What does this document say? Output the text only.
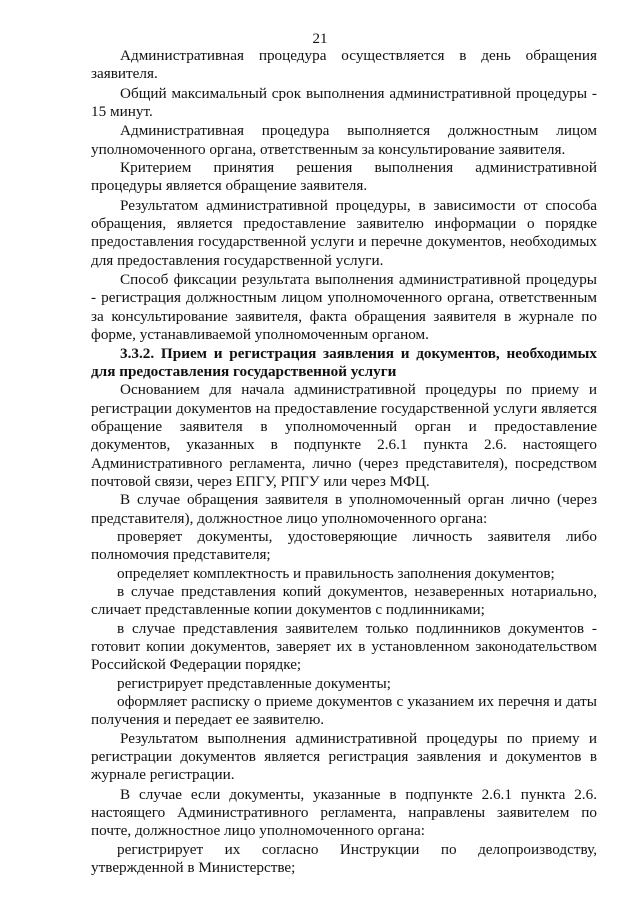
21

Административная процедура осуществляется в день обращения заявителя.

Общий максимальный срок выполнения административной процедуры - 15 минут.

Административная процедура выполняется должностным лицом уполномоченного органа, ответственным за консультирование заявителя.

Критерием принятия решения выполнения административной процедуры является обращение заявителя.

Результатом административной процедуры, в зависимости от способа обращения, является предоставление заявителю информации о порядке предоставления государственной услуги и перечне документов, необходимых для предоставления государственной услуги.

Способ фиксации результата выполнения административной процедуры - регистрация должностным лицом уполномоченного органа, ответственным за консультирование заявителя, факта обращения заявителя в журнале по форме, устанавливаемой уполномоченным органом.

3.3.2. Прием и регистрация заявления и документов, необходимых для предоставления государственной услуги

Основанием для начала административной процедуры по приему и регистрации документов на предоставление государственной услуги является обращение заявителя в уполномоченный орган и предоставление документов, указанных в подпункте 2.6.1 пункта 2.6. настоящего Административного регламента, лично (через представителя), посредством почтовой связи, через ЕПГУ, РПГУ или через МФЦ.

В случае обращения заявителя в уполномоченный орган лично (через представителя), должностное лицо уполномоченного органа:

проверяет документы, удостоверяющие личность заявителя либо полномочия представителя;

определяет комплектность и правильность заполнения документов;

в случае представления копий документов, незаверенных нотариально, сличает представленные копии документов с подлинниками;

в случае представления заявителем только подлинников документов - готовит копии документов, заверяет их в установленном законодательством Российской Федерации порядке;

регистрирует представленные документы;

оформляет расписку о приеме документов с указанием их перечня и даты получения и передает ее заявителю.

Результатом выполнения административной процедуры по приему и регистрации документов является регистрация заявления и документов в журнале регистрации.

В случае если документы, указанные в подпункте 2.6.1 пункта 2.6. настоящего Административного регламента, направлены заявителем по почте, должностное лицо уполномоченного органа:

регистрирует их согласно Инструкции по делопроизводству, утвержденной в Министерстве;
